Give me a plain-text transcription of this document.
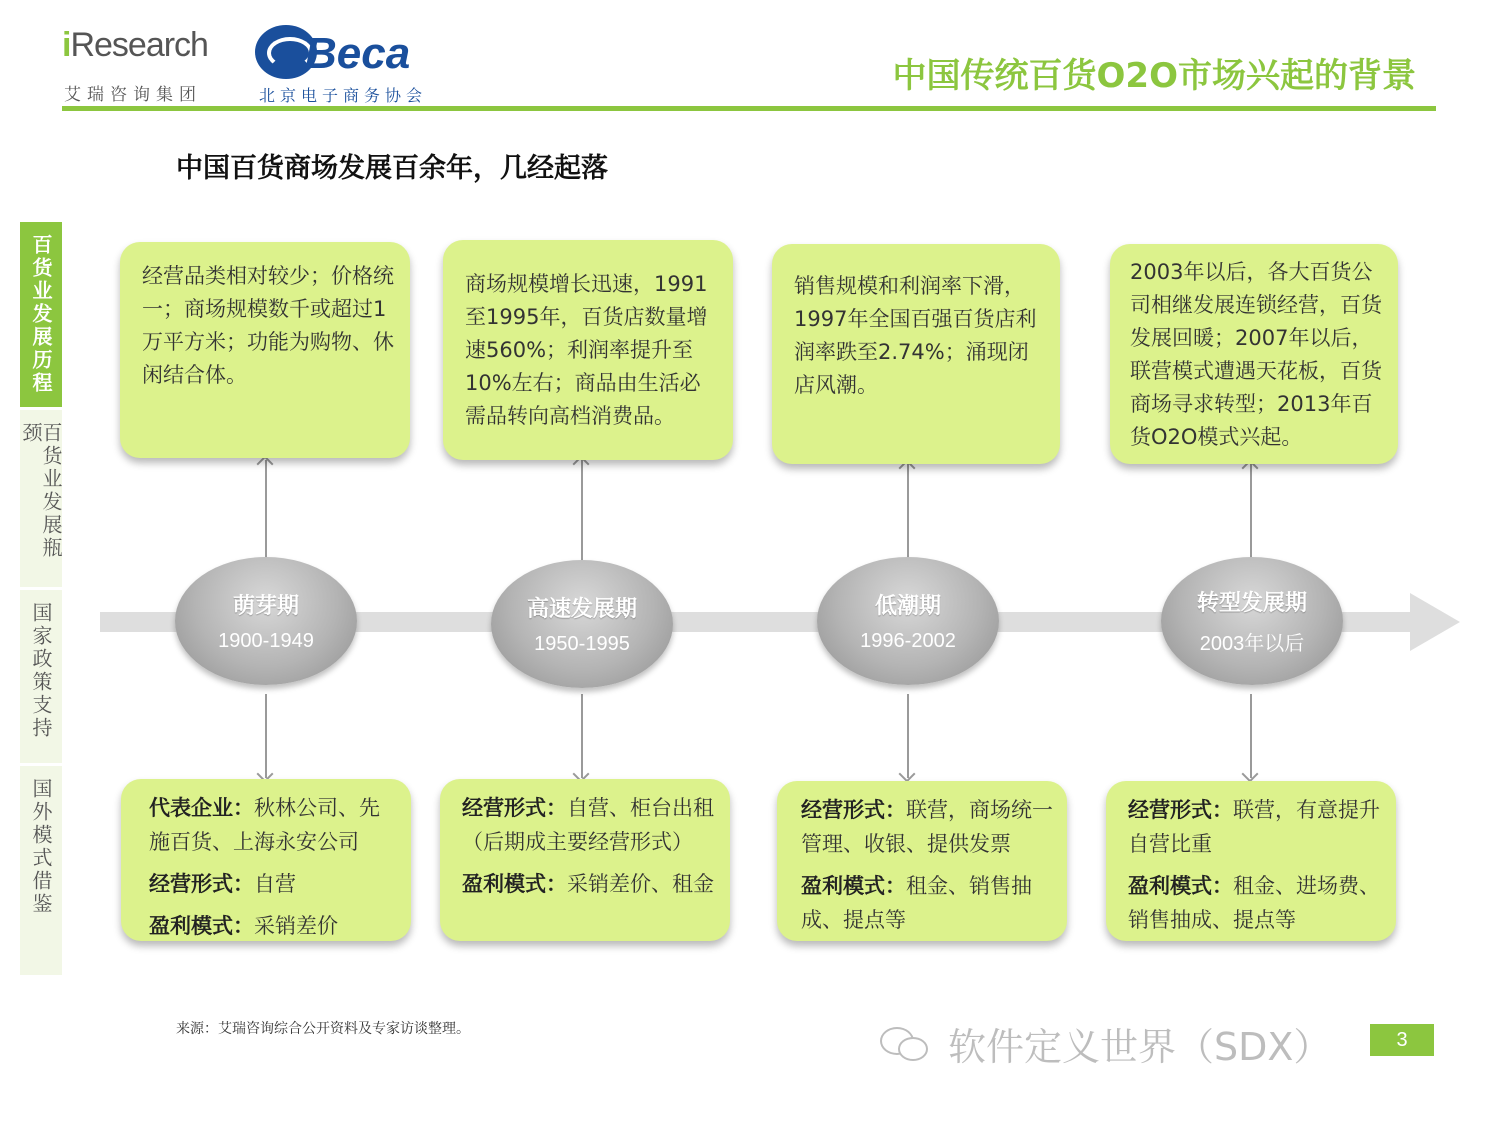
iResearch
艾瑞咨询集团
Beca
北京电子商务协会	中国传统百货O2O市场兴起的背景
中国百货商场发展百余年，几经起落
百货业发展历程
百货业发展瓶颈
国家政策支持
国外模式借鉴
经营品类相对较少；价格统一；商场规模数千或超过1万平方米；功能为购物、休闲结合体。
萌芽期
1900-1949

代表企业：秋林公司、先施百货、上海永安公司

经营形式：自营

盈利模式：采销差价

商场规模增长迅速，1991至1995年，百货店数量增速560%；利润率提升至10%左右；商品由生活必需品转向高档消费品。
高速发展期
1950-1995

经营形式：自营、柜台出租（后期成主要经营形式）

盈利模式：采销差价、租金

销售规模和利润率下滑，1997年全国百强百货店利润率跌至2.74%；涌现闭店风潮。
低潮期
1996-2002

经营形式：联营，商场统一管理、收银、提供发票

盈利模式：租金、销售抽成、提点等

2003年以后，各大百货公司相继发展连锁经营，百货发展回暖；2007年以后，联营模式遭遇天花板，百货商场寻求转型；2013年百货O2O模式兴起。
转型发展期
2003年以后

经营形式：联营，有意提升自营比重

盈利模式：租金、进场费、销售抽成、提点等

来源：艾瑞咨询综合公开资料及专家访谈整理。	软件定义世界（SDX）	3
